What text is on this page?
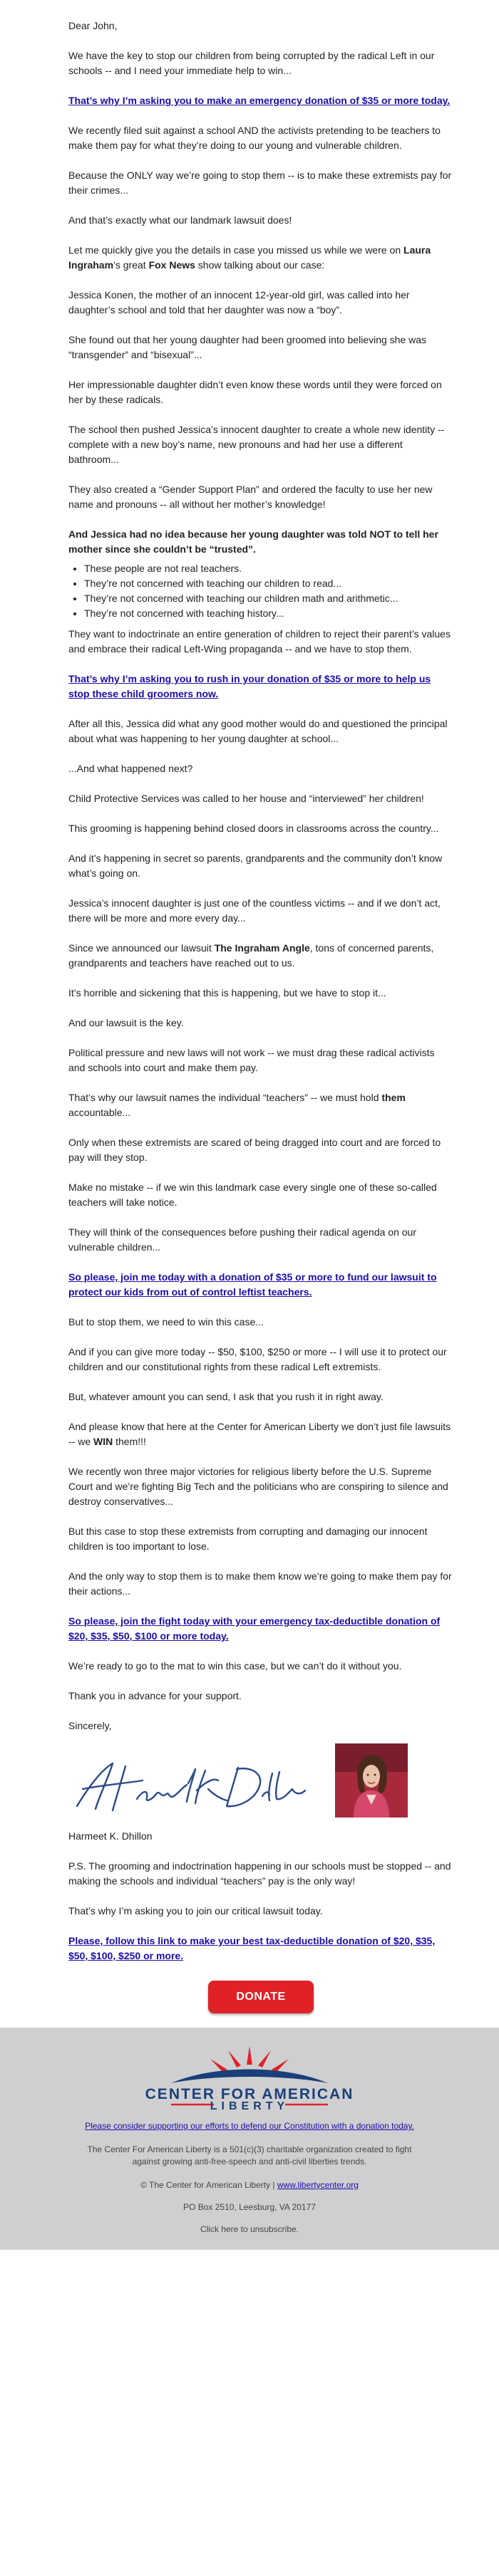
Dear John,

We have the key to stop our children from being corrupted by the radical Left in our schools -- and I need your immediate help to win...

That’s why I’m asking you to make an emergency donation of $35 or more today.

We recently filed suit against a school AND the activists pretending to be teachers to make them pay for what they’re doing to our young and vulnerable children.

Because the ONLY way we’re going to stop them -- is to make these extremists pay for their crimes...

And that’s exactly what our landmark lawsuit does!

Let me quickly give you the details in case you missed us while we were on Laura Ingraham’s great Fox News show talking about our case:

Jessica Konen, the mother of an innocent 12-year-old girl, was called into her daughter’s school and told that her daughter was now a “boy”.

She found out that her young daughter had been groomed into believing she was “transgender” and “bisexual”...

Her impressionable daughter didn’t even know these words until they were forced on her by these radicals.

The school then pushed Jessica’s innocent daughter to create a whole new identity -- complete with a new boy’s name, new pronouns and had her use a different bathroom...

They also created a “Gender Support Plan” and ordered the faculty to use her new name and pronouns -- all without her mother’s knowledge!

And Jessica had no idea because her young daughter was told NOT to tell her mother since she couldn’t be “trusted”.

• These people are not real teachers.
• They’re not concerned with teaching our children to read...
• They’re not concerned with teaching our children math and arithmetic...
• They’re not concerned with teaching history...

They want to indoctrinate an entire generation of children to reject their parent’s values and embrace their radical Left-Wing propaganda -- and we have to stop them.

That’s why I’m asking you to rush in your donation of $35 or more to help us stop these child groomers now.

After all this, Jessica did what any good mother would do and questioned the principal about what was happening to her young daughter at school...

...And what happened next?

Child Protective Services was called to her house and “interviewed” her children!

This grooming is happening behind closed doors in classrooms across the country...

And it’s happening in secret so parents, grandparents and the community don’t know what’s going on.

Jessica’s innocent daughter is just one of the countless victims -- and if we don’t act, there will be more and more every day...

Since we announced our lawsuit The Ingraham Angle, tons of concerned parents, grandparents and teachers have reached out to us.

It’s horrible and sickening that this is happening, but we have to stop it...

And our lawsuit is the key.

Political pressure and new laws will not work -- we must drag these radical activists and schools into court and make them pay.

That’s why our lawsuit names the individual “teachers” -- we must hold them accountable...

Only when these extremists are scared of being dragged into court and are forced to pay will they stop.

Make no mistake -- if we win this landmark case every single one of these so-called teachers will take notice.

They will think of the consequences before pushing their radical agenda on our vulnerable children...

So please, join me today with a donation of $35 or more to fund our lawsuit to protect our kids from out of control leftist teachers.

But to stop them, we need to win this case...

And if you can give more today -- $50, $100, $250 or more -- I will use it to protect our children and our constitutional rights from these radical Left extremists.

But, whatever amount you can send, I ask that you rush it in right away.

And please know that here at the Center for American Liberty we don’t just file lawsuits -- we WIN them!!!

We recently won three major victories for religious liberty before the U.S. Supreme Court and we’re fighting Big Tech and the politicians who are conspiring to silence and destroy conservatives...

But this case to stop these extremists from corrupting and damaging our innocent children is too important to lose.

And the only way to stop them is to make them know we’re going to make them pay for their actions...

So please, join the fight today with your emergency tax-deductible donation of $20, $35, $50, $100 or more today.

We’re ready to go to the mat to win this case, but we can’t do it without you.

Thank you in advance for your support.

Sincerely,

Harmeet K. Dhillon

P.S. The grooming and indoctrination happening in our schools must be stopped -- and making the schools and individual “teachers” pay is the only way!

That’s why I’m asking you to join our critical lawsuit today.

Please, follow this link to make your best tax-deductible donation of $20, $35, $50, $100, $250 or more.

DONATE
CENTER FOR AMERICAN
LIBERTY
Please consider supporting our efforts to defend our Constitution with a donation today.
The Center For American Liberty is a 501(c)(3) charitable organization created to fight against growing anti-free-speech and anti-civil liberties trends.
© The Center for American Liberty | www.libertycenter.org
PO Box 2510, Leesburg, VA 20177
Click here to unsubscribe.
